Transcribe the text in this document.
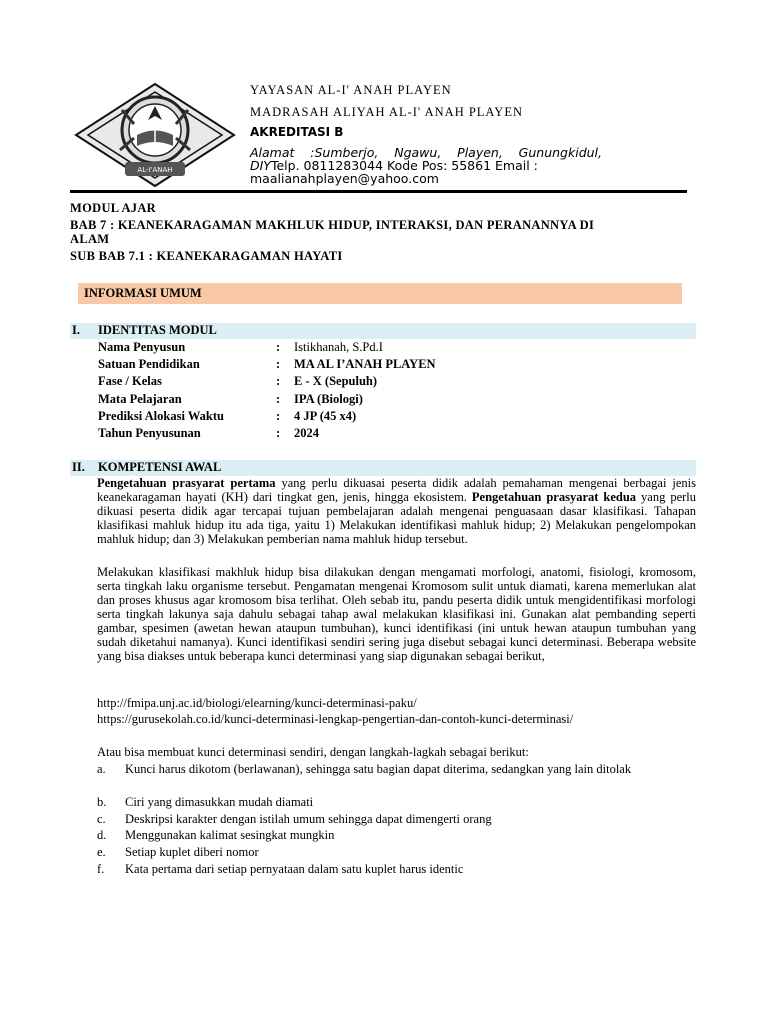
AL-I'ANAH
YAYASAN AL-I' ANAH PLAYEN
MADRASAH ALIYAH AL-I' ANAH PLAYEN
AKREDITASI B
Alamat :Sumberjo, Ngawu, Playen, Gunungkidul, DIYTelp. 0811283044 Kode Pos: 55861 Email :
maalianahplayen@yahoo.com
MODUL AJAR
BAB 7 : KEANEKARAGAMAN MAKHLUK HIDUP, INTERAKSI, DAN PERANANNYA DI
ALAM
SUB BAB 7.1 : KEANEKARAGAMAN HAYATI
INFORMASI UMUM
I. IDENTITAS MODUL
Nama Penyusun	: Istikhanah, S.Pd.I
Satuan Pendidikan	: MA AL I’ANAH PLAYEN
Fase / Kelas	: E - X (Sepuluh)
Mata Pelajaran	: IPA (Biologi)
Prediksi Alokasi Waktu	: 4 JP (45 x4)
Tahun Penyusunan	: 2024
II. KOMPETENSI AWAL
Pengetahuan prasyarat pertama yang perlu dikuasai peserta didik adalah pemahaman mengenai berbagai jenis keanekaragaman hayati (KH) dari tingkat gen, jenis, hingga ekosistem. Pengetahuan prasyarat kedua yang perlu dikuasi peserta didik agar tercapai tujuan pembelajaran adalah mengenai penguasaan dasar klasifikasi. Tahapan klasifikasi mahluk hidup itu ada tiga, yaitu 1) Melakukan identifikasi mahluk hidup; 2) Melakukan pengelompokan mahluk hidup; dan 3) Melakukan pemberian nama mahluk hidup tersebut.
Melakukan klasifikasi makhluk hidup bisa dilakukan dengan mengamati morfologi, anatomi, fisiologi, kromosom, serta tingkah laku organisme tersebut. Pengamatan mengenai Kromosom sulit untuk diamati, karena memerlukan alat dan proses khusus agar kromosom bisa terlihat. Oleh sebab itu, pandu peserta didik untuk mengidentifikasi morfologi serta tingkah lakunya saja dahulu sebagai tahap awal melakukan klasifikasi ini. Gunakan alat pembanding seperti gambar, spesimen (awetan hewan ataupun tumbuhan), kunci identifikasi (ini untuk hewan ataupun tumbuhan yang sudah diketahui namanya). Kunci identifikasi sendiri sering juga disebut sebagai kunci determinasi. Beberapa website yang bisa diakses untuk beberapa kunci determinasi yang siap digunakan sebagai berikut,
http://fmipa.unj.ac.id/biologi/elearning/kunci-determinasi-paku/
https://gurusekolah.co.id/kunci-determinasi-lengkap-pengertian-dan-contoh-kunci-determinasi/
Atau bisa membuat kunci determinasi sendiri, dengan langkah-lagkah sebagai berikut:
a. Kunci harus dikotom (berlawanan), sehingga satu bagian dapat diterima, sedangkan yang lain ditolak
b. Ciri yang dimasukkan mudah diamati
c. Deskripsi karakter dengan istilah umum sehingga dapat dimengerti orang
d. Menggunakan kalimat sesingkat mungkin
e. Setiap kuplet diberi nomor
f. Kata pertama dari setiap pernyataan dalam satu kuplet harus identic
